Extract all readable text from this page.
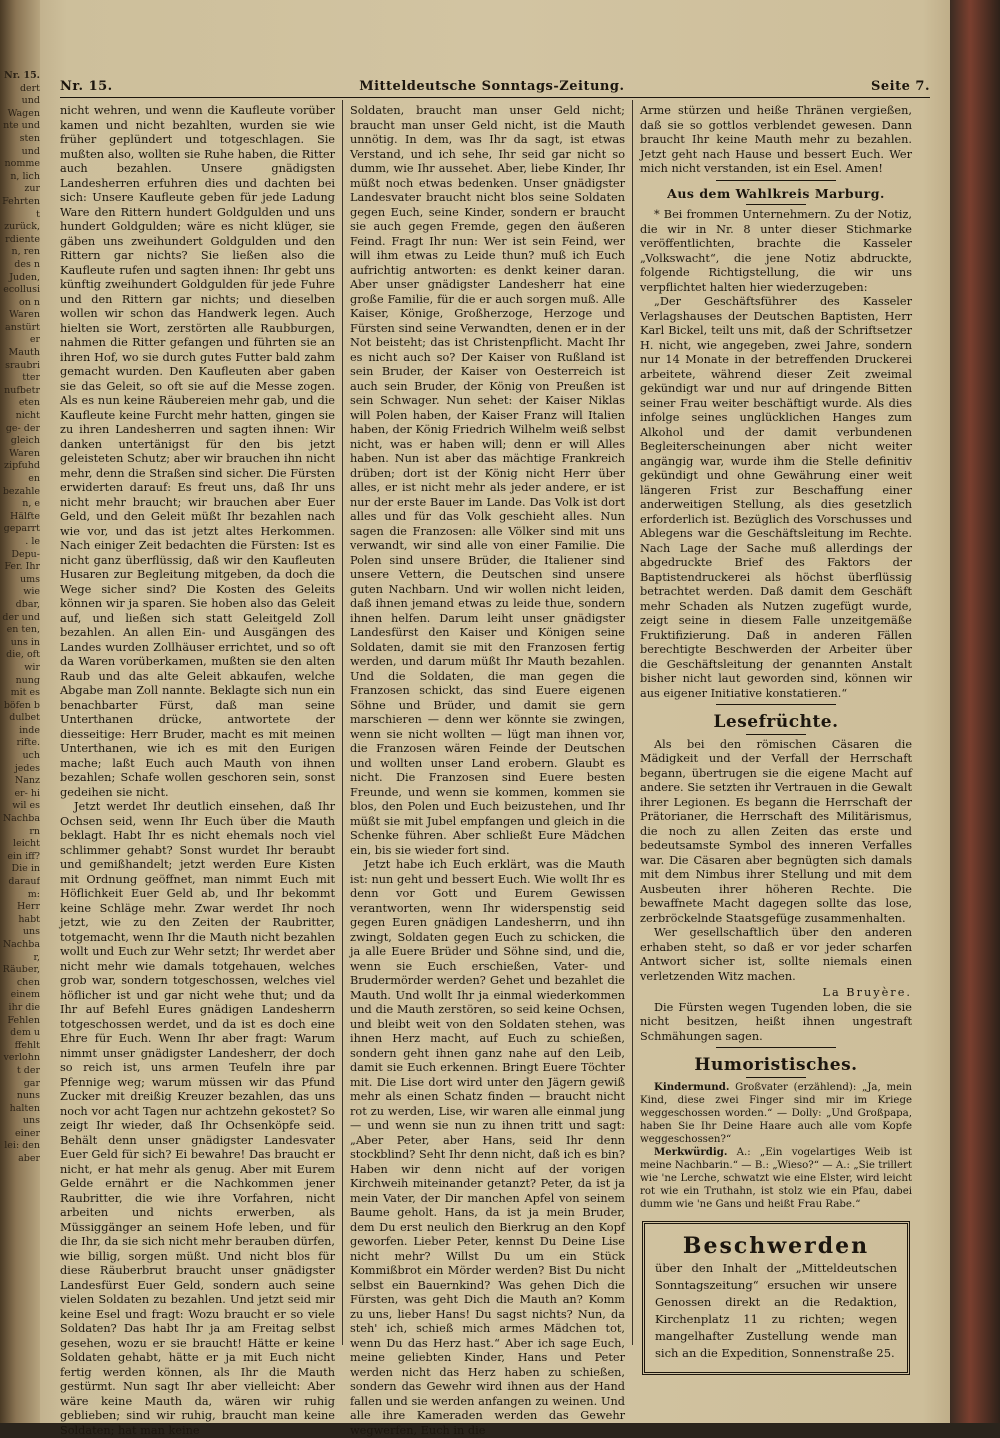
Nr. 15.
dert und Wagen nte und sten und nommen, lich zur Fehrten t zurück, rdienten, ren des n Juden, ecollusion n Waren anstürter Mauth sraubritter nufbetreten nicht ge- der gleich Waren zipfuhden bezahlen, e Hälfte geparrt. le Depu- Fer. Ihr ums wie dbar, der und en ten, uns in die, oft wir nung mit es böfen b dulbet inde rifte. uch jedes Nanz er- hi wil es Nachbarn leicht ein iff? Die in darauf m: Herr habt uns Nachbar, Räuber, chen einem ihr die Fehlen dem u ffehlt verlohnt der gar nuns halten uns einer lei: den aber
Nr. 15.	Mitteldeutsche Sonntags-Zeitung.	Seite 7.

nicht wehren, und wenn die Kaufleute vorüber kamen und nicht bezahlten, wurden sie wie früher geplündert und totgeschlagen. Sie mußten also, wollten sie Ruhe haben, die Ritter auch bezahlen. Unsere gnädigsten Landesherren erfuhren dies und dachten bei sich: Unsere Kaufleute geben für jede Ladung Ware den Rittern hundert Goldgulden und uns hundert Goldgulden; wäre es nicht klüger, sie gäben uns zweihundert Goldgulden und den Rittern gar nichts? Sie ließen also die Kaufleute rufen und sagten ihnen: Ihr gebt uns künftig zweihundert Goldgulden für jede Fuhre und den Rittern gar nichts; und dieselben wollen wir schon das Handwerk legen. Auch hielten sie Wort, zerstörten alle Raubburgen, nahmen die Ritter gefangen und führten sie an ihren Hof, wo sie durch gutes Futter bald zahm gemacht wurden. Den Kaufleuten aber gaben sie das Geleit, so oft sie auf die Messe zogen. Als es nun keine Räubereien mehr gab, und die Kaufleute keine Furcht mehr hatten, gingen sie zu ihren Landesherren und sagten ihnen: Wir danken untertänigst für den bis jetzt geleisteten Schutz; aber wir brauchen ihn nicht mehr, denn die Straßen sind sicher. Die Fürsten erwiderten darauf: Es freut uns, daß Ihr uns nicht mehr braucht; wir brauchen aber Euer Geld, und den Geleit müßt Ihr bezahlen nach wie vor, und das ist jetzt altes Herkommen. Nach einiger Zeit bedachten die Fürsten: Ist es nicht ganz überflüssig, daß wir den Kaufleuten Husaren zur Begleitung mitgeben, da doch die Wege sicher sind? Die Kosten des Geleits können wir ja sparen. Sie hoben also das Geleit auf, und ließen sich statt Geleitgeld Zoll bezahlen. An allen Ein- und Ausgängen des Landes wurden Zollhäuser errichtet, und so oft da Waren vorüberkamen, mußten sie den alten Raub und das alte Geleit abkaufen, welche Abgabe man Zoll nannte. Beklagte sich nun ein benachbarter Fürst, daß man seine Unterthanen drücke, antwortete der diesseitige: Herr Bruder, macht es mit meinen Unterthanen, wie ich es mit den Eurigen mache; laßt Euch auch Mauth von ihnen bezahlen; Schafe wollen geschoren sein, sonst gedeihen sie nicht.

Jetzt werdet Ihr deutlich einsehen, daß Ihr Ochsen seid, wenn Ihr Euch über die Mauth beklagt. Habt Ihr es nicht ehemals noch viel schlimmer gehabt? Sonst wurdet Ihr beraubt und gemißhandelt; jetzt werden Eure Kisten mit Ordnung geöffnet, man nimmt Euch mit Höflichkeit Euer Geld ab, und Ihr bekommt keine Schläge mehr. Zwar werdet Ihr noch jetzt, wie zu den Zeiten der Raubritter, totgemacht, wenn Ihr die Mauth nicht bezahlen wollt und Euch zur Wehr setzt; Ihr werdet aber nicht mehr wie damals totgehauen, welches grob war, sondern totgeschossen, welches viel höflicher ist und gar nicht wehe thut; und da Ihr auf Befehl Eures gnädigen Landesherrn totgeschossen werdet, und da ist es doch eine Ehre für Euch. Wenn Ihr aber fragt: Warum nimmt unser gnädigster Landesherr, der doch so reich ist, uns armen Teufeln ihre par Pfennige weg; warum müssen wir das Pfund Zucker mit dreißig Kreuzer bezahlen, das uns noch vor acht Tagen nur achtzehn gekostet? So zeigt Ihr wieder, daß Ihr Ochsenköpfe seid. Behält denn unser gnädigster Landesvater Euer Geld für sich? Ei bewahre! Das braucht er nicht, er hat mehr als genug. Aber mit Eurem Gelde ernährt er die Nachkommen jener Raubritter, die wie ihre Vorfahren, nicht arbeiten und nichts erwerben, als Müssiggänger an seinem Hofe leben, und für die Ihr, da sie sich nicht mehr berauben dürfen, wie billig, sorgen müßt. Und nicht blos für diese Räuberbrut braucht unser gnädigster Landesfürst Euer Geld, sondern auch seine vielen Soldaten zu bezahlen. Und jetzt seid mir keine Esel und fragt: Wozu braucht er so viele Soldaten? Das habt Ihr ja am Freitag selbst gesehen, wozu er sie braucht! Hätte er keine Soldaten gehabt, hätte er ja mit Euch nicht fertig werden können, als Ihr die Mauth gestürmt. Nun sagt Ihr aber vielleicht: Aber wäre keine Mauth da, wären wir ruhig geblieben; sind wir ruhig, braucht man keine Soldaten; hat man keine

Soldaten, braucht man unser Geld nicht; braucht man unser Geld nicht, ist die Mauth unnötig. In dem, was Ihr da sagt, ist etwas Verstand, und ich sehe, Ihr seid gar nicht so dumm, wie Ihr aussehet. Aber, liebe Kinder, Ihr müßt noch etwas bedenken. Unser gnädigster Landesvater braucht nicht blos seine Soldaten gegen Euch, seine Kinder, sondern er braucht sie auch gegen Fremde, gegen den äußeren Feind. Fragt Ihr nun: Wer ist sein Feind, wer will ihm etwas zu Leide thun? muß ich Euch aufrichtig antworten: es denkt keiner daran. Aber unser gnädigster Landesherr hat eine große Familie, für die er auch sorgen muß. Alle Kaiser, Könige, Großherzoge, Herzoge und Fürsten sind seine Verwandten, denen er in der Not beisteht; das ist Christenpflicht. Macht Ihr es nicht auch so? Der Kaiser von Rußland ist sein Bruder, der Kaiser von Oesterreich ist auch sein Bruder, der König von Preußen ist sein Schwager. Nun sehet: der Kaiser Niklas will Polen haben, der Kaiser Franz will Italien haben, der König Friedrich Wilhelm weiß selbst nicht, was er haben will; denn er will Alles haben. Nun ist aber das mächtige Frankreich drüben; dort ist der König nicht Herr über alles, er ist nicht mehr als jeder andere, er ist nur der erste Bauer im Lande. Das Volk ist dort alles und für das Volk geschieht alles. Nun sagen die Franzosen: alle Völker sind mit uns verwandt, wir sind alle von einer Familie. Die Polen sind unsere Brüder, die Italiener sind unsere Vettern, die Deutschen sind unsere guten Nachbarn. Und wir wollen nicht leiden, daß ihnen jemand etwas zu leide thue, sondern ihnen helfen. Darum leiht unser gnädigster Landesfürst den Kaiser und Königen seine Soldaten, damit sie mit den Franzosen fertig werden, und darum müßt Ihr Mauth bezahlen. Und die Soldaten, die man gegen die Franzosen schickt, das sind Euere eigenen Söhne und Brüder, und damit sie gern marschieren — denn wer könnte sie zwingen, wenn sie nicht wollten — lügt man ihnen vor, die Franzosen wären Feinde der Deutschen und wollten unser Land erobern. Glaubt es nicht. Die Franzosen sind Euere besten Freunde, und wenn sie kommen, kommen sie blos, den Polen und Euch beizustehen, und Ihr müßt sie mit Jubel empfangen und gleich in die Schenke führen. Aber schließt Eure Mädchen ein, bis sie wieder fort sind.

Jetzt habe ich Euch erklärt, was die Mauth ist: nun geht und bessert Euch. Wie wollt Ihr es denn vor Gott und Eurem Gewissen verantworten, wenn Ihr widerspenstig seid gegen Euren gnädigen Landesherrn, und ihn zwingt, Soldaten gegen Euch zu schicken, die ja alle Euere Brüder und Söhne sind, und die, wenn sie Euch erschießen, Vater- und Brudermörder werden? Gehet und bezahlet die Mauth. Und wollt Ihr ja einmal wiederkommen und die Mauth zerstören, so seid keine Ochsen, und bleibt weit von den Soldaten stehen, was ihnen Herz macht, auf Euch zu schießen, sondern geht ihnen ganz nahe auf den Leib, damit sie Euch erkennen. Bringt Euere Töchter mit. Die Lise dort wird unter den Jägern gewiß mehr als einen Schatz finden — braucht nicht rot zu werden, Lise, wir waren alle einmal jung — und wenn sie nun zu ihnen tritt und sagt: „Aber Peter, aber Hans, seid Ihr denn stockblind? Seht Ihr denn nicht, daß ich es bin? Haben wir denn nicht auf der vorigen Kirchweih miteinander getanzt? Peter, da ist ja mein Vater, der Dir manchen Apfel von seinem Baume geholt. Hans, da ist ja mein Bruder, dem Du erst neulich den Bierkrug an den Kopf geworfen. Lieber Peter, kennst Du Deine Lise nicht mehr? Willst Du um ein Stück Kommißbrot ein Mörder werden? Bist Du nicht selbst ein Bauernkind? Was gehen Dich die Fürsten, was geht Dich die Mauth an? Komm zu uns, lieber Hans! Du sagst nichts? Nun, da steh' ich, schieß mich armes Mädchen tot, wenn Du das Herz hast.“ Aber ich sage Euch, meine geliebten Kinder, Hans und Peter werden nicht das Herz haben zu schießen, sondern das Gewehr wird ihnen aus der Hand fallen und sie werden anfangen zu weinen. Und alle ihre Kameraden werden das Gewehr wegwerfen, Euch in die

Arme stürzen und heiße Thränen vergießen, daß sie so gottlos verblendet gewesen. Dann braucht Ihr keine Mauth mehr zu bezahlen. Jetzt geht nach Hause und bessert Euch. Wer mich nicht verstanden, ist ein Esel. Amen!

Aus dem Wahlkreis Marburg.

* Bei frommen Unternehmern. Zu der Notiz, die wir in Nr. 8 unter dieser Stichmarke veröffentlichten, brachte die Kasseler „Volkswacht“, die jene Notiz abdruckte, folgende Richtigstellung, die wir uns verpflichtet halten hier wiederzugeben:

„Der Geschäftsführer des Kasseler Verlagshauses der Deutschen Baptisten, Herr Karl Bickel, teilt uns mit, daß der Schriftsetzer H. nicht, wie angegeben, zwei Jahre, sondern nur 14 Monate in der betreffenden Druckerei arbeitete, während dieser Zeit zweimal gekündigt war und nur auf dringende Bitten seiner Frau weiter beschäftigt wurde. Als dies infolge seines unglücklichen Hanges zum Alkohol und der damit verbundenen Begleiterscheinungen aber nicht weiter angängig war, wurde ihm die Stelle definitiv gekündigt und ohne Gewährung einer weit längeren Frist zur Beschaffung einer anderweitigen Stellung, als dies gesetzlich erforderlich ist. Bezüglich des Vorschusses und Ablegens war die Geschäftsleitung im Rechte. Nach Lage der Sache muß allerdings der abgedruckte Brief des Faktors der Baptistendruckerei als höchst überflüssig betrachtet werden. Daß damit dem Geschäft mehr Schaden als Nutzen zugefügt wurde, zeigt seine in diesem Falle unzeitgemäße Fruktifizierung. Daß in anderen Fällen berechtigte Beschwerden der Arbeiter über die Geschäftsleitung der genannten Anstalt bisher nicht laut geworden sind, können wir aus eigener Initiative konstatieren.“

Lesefrüchte.

Als bei den römischen Cäsaren die Mädigkeit und der Verfall der Herrschaft begann, übertrugen sie die eigene Macht auf andere. Sie setzten ihr Vertrauen in die Gewalt ihrer Legionen. Es begann die Herrschaft der Prätorianer, die Herrschaft des Militärismus, die noch zu allen Zeiten das erste und bedeutsamste Symbol des inneren Verfalles war. Die Cäsaren aber begnügten sich damals mit dem Nimbus ihrer Stellung und mit dem Ausbeuten ihrer höheren Rechte. Die bewaffnete Macht dagegen sollte das lose, zerbröckelnde Staatsgefüge zusammenhalten.

Wer gesellschaftlich über den anderen erhaben steht, so daß er vor jeder scharfen Antwort sicher ist, sollte niemals einen verletzenden Witz machen.

La Bruyère.

Die Fürsten wegen Tugenden loben, die sie nicht besitzen, heißt ihnen ungestraft Schmähungen sagen.

Humoristisches.

Kindermund. Großvater (erzählend): „Ja, mein Kind, diese zwei Finger sind mir im Kriege weggeschossen worden.“ — Dolly: „Und Großpapa, haben Sie Ihr Deine Haare auch alle vom Kopfe weggeschossen?“

Merkwürdig. A.: „Ein vogelartiges Weib ist meine Nachbarin.“ — B.: „Wieso?“ — A.: „Sie trillert wie 'ne Lerche, schwatzt wie eine Elster, wird leicht rot wie ein Truthahn, ist stolz wie ein Pfau, dabei dumm wie 'ne Gans und heißt Frau Rabe.“

Beschwerden
über den Inhalt der „Mitteldeutschen Sonntagszeitung“ ersuchen wir unsere Genossen direkt an die Redaktion, Kirchenplatz 11 zu richten; wegen mangelhafter Zustellung wende man sich an die Expedition, Sonnenstraße 25.
